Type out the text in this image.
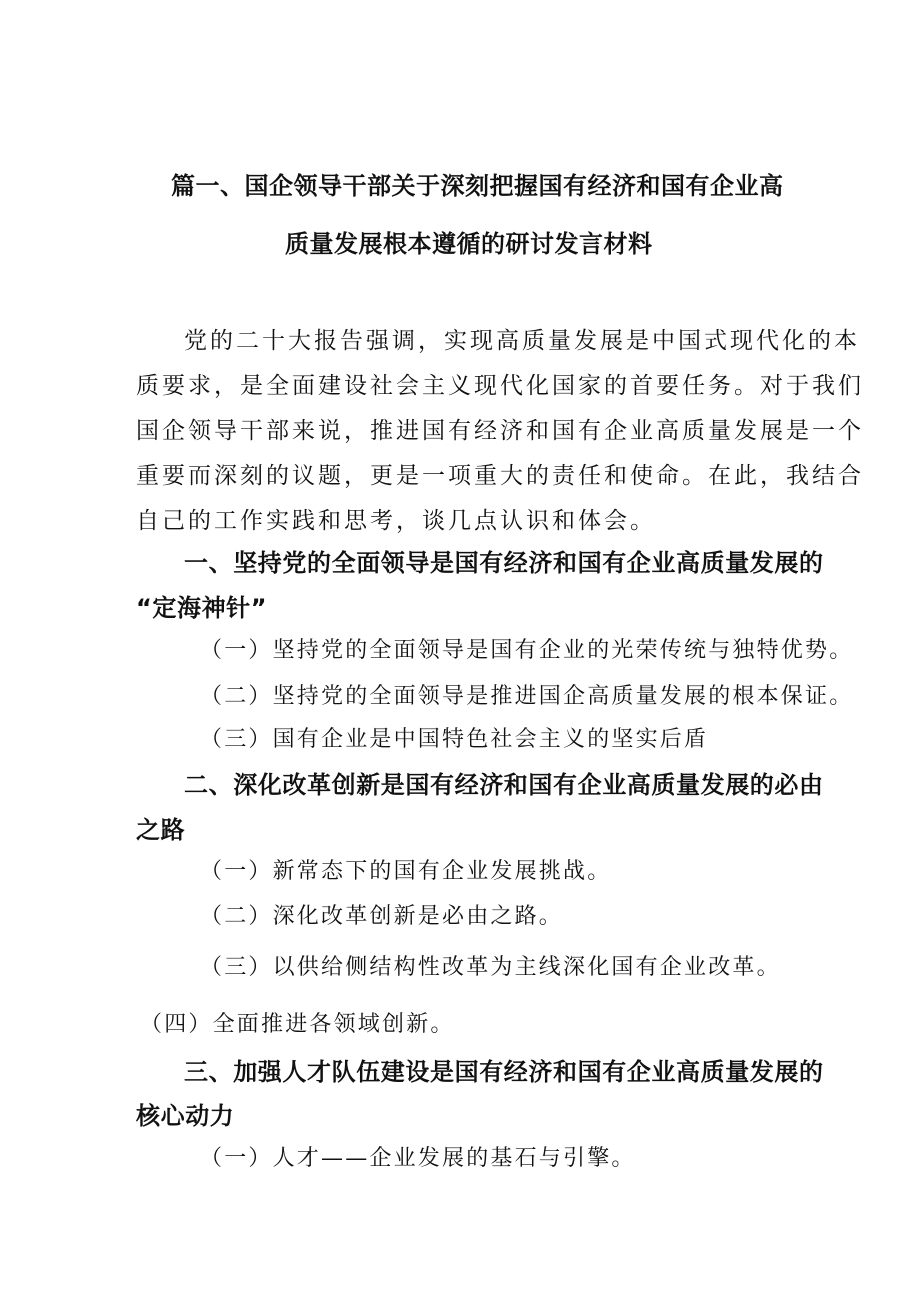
篇一、国企领导干部关于深刻把握国有经济和国有企业高
质量发展根本遵循的研讨发言材料
党的二十大报告强调，实现高质量发展是中国式现代化的本
质要求，是全面建设社会主义现代化国家的首要任务。对于我们
国企领导干部来说，推进国有经济和国有企业高质量发展是一个
重要而深刻的议题，更是一项重大的责任和使命。在此，我结合
自己的工作实践和思考，谈几点认识和体会。
一、坚持党的全面领导是国有经济和国有企业高质量发展的
“定海神针”
（一）坚持党的全面领导是国有企业的光荣传统与独特优势。
（二）坚持党的全面领导是推进国企高质量发展的根本保证。
（三）国有企业是中国特色社会主义的坚实后盾
二、深化改革创新是国有经济和国有企业高质量发展的必由
之路
（一）新常态下的国有企业发展挑战。
（二）深化改革创新是必由之路。
（三）以供给侧结构性改革为主线深化国有企业改革。
（四）全面推进各领域创新。
三、加强人才队伍建设是国有经济和国有企业高质量发展的
核心动力
（一）人才——企业发展的基石与引擎。
